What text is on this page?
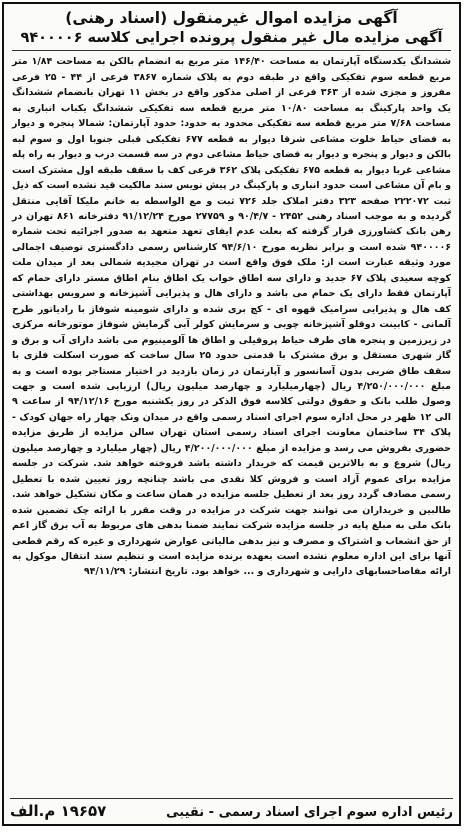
آگهی مزایده اموال غیرمنقول (اسناد رهنی)
آگهی مزایده مال غیر منقول پرونده اجرایی کلاسه ۹۴۰۰۰۰۶
ششدانگ یکدستگاه آپارتمان به مساحت ۱۴۶/۴۰ متر مربع به انضمام بالکن به مساحت ۱/۸۴ متر مربع قطعه سوم تفکیکی واقع در طبقه دوم به پلاک شماره ۳۸۶۷ فرعی از ۴۴ - ۲۵ فرعی مفروز و مجزی شده از ۳۶۳ فرعی از اصلی مذکور واقع در بخش ۱۱ تهران بانضمام ششدانگ یک واحد پارکینگ به مساحت ۱۰/۸۰ متر مربع قطعه سه تفکیکی ششدانگ یکباب انباری به مساحت ۷/۶۸ متر مربع قطعه سه تفکیکی محدود به حدود: حدود آپارتمان: شمالا پنجره و دیوار به فضای حیاط خلوت مشاعی شرقا دیوار به قطعه ۶۷۷ تفکیکی قبلی جنوبا اول و سوم لبه بالکن و دیوار و پنجره و دیوار به فضای حیاط مشاعی دوم در سه قسمت درب و دیوار به راه پله مشاعی غربا دیوار به قطعه ۶۷۵ تفکیکی پلاک ۳۶۲ فرعی کف با سقف طبقه اول مشترک است و بام آن مشاعی است حدود انباری و پارکینگ در پیش نویس سند مالکیت قید نشده است که ذیل ثبت ۲۲۲۰۷۲ صفحه ۳۲۳ دفتر املاک جلد ۷۲۶ ثبت و مع الواسطه به خانم ملیکا آقایی منتقل گردیده و به موجب اسناد رهنی ۲۴۵۲ - ۹۰/۴/۷ و ۲۷۷۵۹ مورخ ۹۱/۱۲/۲۴ دفترخانه ۸۶۱ تهران در رهن بانک کشاورزی قرار گرفته که بعلت عدم ایفای تعهد متعهد به صدور اجرائیه تحت شماره ۹۴۰۰۰۰۶ شده است و برابر نظریه مورخ ۹۴/۶/۱۰ کارشناس رسمی دادگستری توصیف اجمالی مورد وثیقه عبارت است از: ملک فوق واقع است در تهران مجیدیه شمالی بعد از میدان ملت کوچه سعیدی پلاک ۶۷ جدید و دارای سه اطاق خواب یک اطاق بنام اطاق مستر دارای حمام که آپارتمان فقط دارای یک حمام می باشد و دارای هال و پذیرایی آشپزخانه و سرویس بهداشتی کف هال و پذیرایی سرامیک قهوه ای - کچ بری شده و دارای شومینه شوفاژ با رادیاتور طرح آلمانی - کابینت دوقلو آشپزخانه چوبی و سرمایش کولر آبی گرمایش شوفاژ موتورخانه مرکزی در زیرزمین و پنجره های طرف حیاط پروفیلی و اطاق ها آلومینیوم می باشد دارای آب و برق و گاز شهری مستقل و برق مشترک با قدمتی حدود ۲۵ سال ساخت که صورت اسکلت فلزی با سقف طاق ضربی بدون آسانسور و آپارتمان در زمان بازدید در اختیار مستاجر بوده است و به مبلغ ۴/۲۵۰/۰۰۰/۰۰۰ ریال (چهارمیلیارد و چهارصد میلیون ریال) ارزیابی شده است و جهت وصول طلب بانک و حقوق دولتی کلاسه فوق الذکر در روز یکشنبه مورخ ۹۴/۱۲/۱۶ از ساعت ۹ الی ۱۲ ظهر در محل اداره سوم اجرای اسناد رسمی واقع در میدان ونک چهار راه جهان کودک - پلاک ۳۴ ساختمان معاونت اجرای اسناد رسمی استان تهران سالن مزایده از طریق مزایده حضوری بفروش می رسد و مزایده از مبلغ ۴/۲۰۰/۰۰۰/۰۰۰ ریال (چهار میلیارد و چهارصد میلیون ریال) شروع و به بالاترین قیمت که خریدار داشته باشد فروخته خواهد شد. شرکت در جلسه مزایده برای عموم آزاد است و فروش کلا نقدی می باشد چنانچه روز تعیین شده با تعطیل رسمی مصادف گردد روز بعد از تعطیل جلسه مزایده در همان ساعت و مکان تشکیل خواهد شد. طالبین و خریداران می توانند جهت شرکت در مزایده در وقت مقرر با ارائه چک تضمین شده بانک ملی به مبلغ پایه در جلسه مزایده شرکت نمایند ضمنا بدهی های مربوط به آب برق گاز اعم از حق انشعاب و اشتراک و مصرف و نیز بدهی مالیاتی عوارض شهرداری و غیره که رقم قطعی آنها برای این اداره معلوم نشده است بعهده برنده مزایده است و تنظیم سند انتقال موکول به ارائه مفاصاحسابهای دارایی و شهرداری و ... خواهد بود. تاریخ انتشار: ۹۴/۱۱/۲۹
رئیس اداره سوم اجرای اسناد رسمی - نقیبی
۱۹۶۵۷ م.الف
